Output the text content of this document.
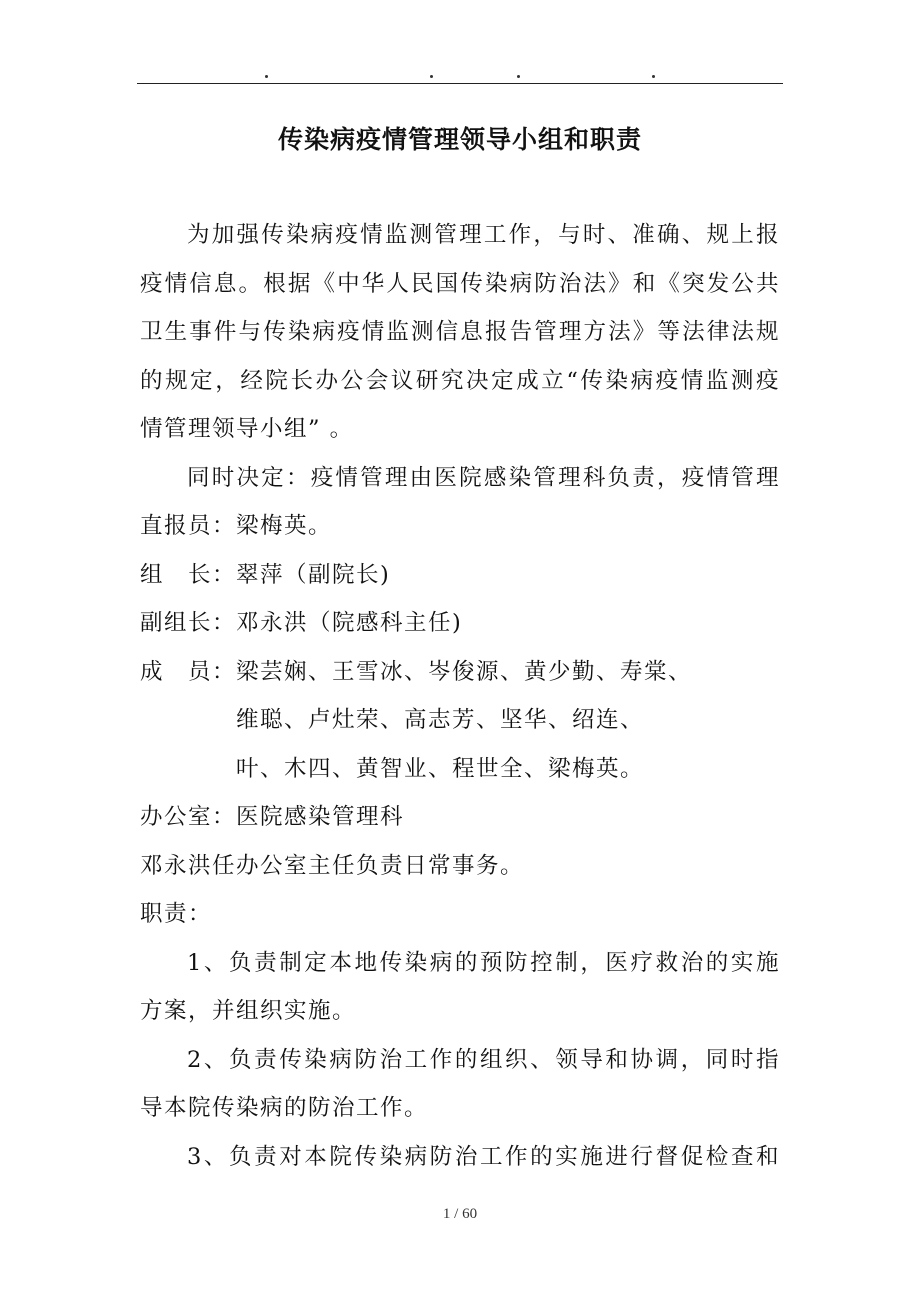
传染病疫情管理领导小组和职责
为加强传染病疫情监测管理工作，与时、准确、规上报
疫情信息。根据《中华人民国传染病防治法》和《突发公共
卫生事件与传染病疫情监测信息报告管理方法》等法律法规
的规定，经院长办公会议研究决定成立“传染病疫情监测疫
情管理领导小组” 。
同时决定：疫情管理由医院感染管理科负责，疫情管理
直报员：梁梅英。
组　长：翠萍（副院长)
副组长：邓永洪（院感科主任)
成　员：梁芸娴、王雪冰、岑俊源、黄少勤、寿棠、
维聪、卢灶荣、高志芳、坚华、绍连、
叶、木四、黄智业、程世全、梁梅英。
办公室：医院感染管理科
邓永洪任办公室主任负责日常事务。
职责：
1、负责制定本地传染病的预防控制，医疗救治的实施
方案，并组织实施。
2、负责传染病防治工作的组织、领导和协调，同时指
导本院传染病的防治工作。
3、负责对本院传染病防治工作的实施进行督促检查和
1 / 60
